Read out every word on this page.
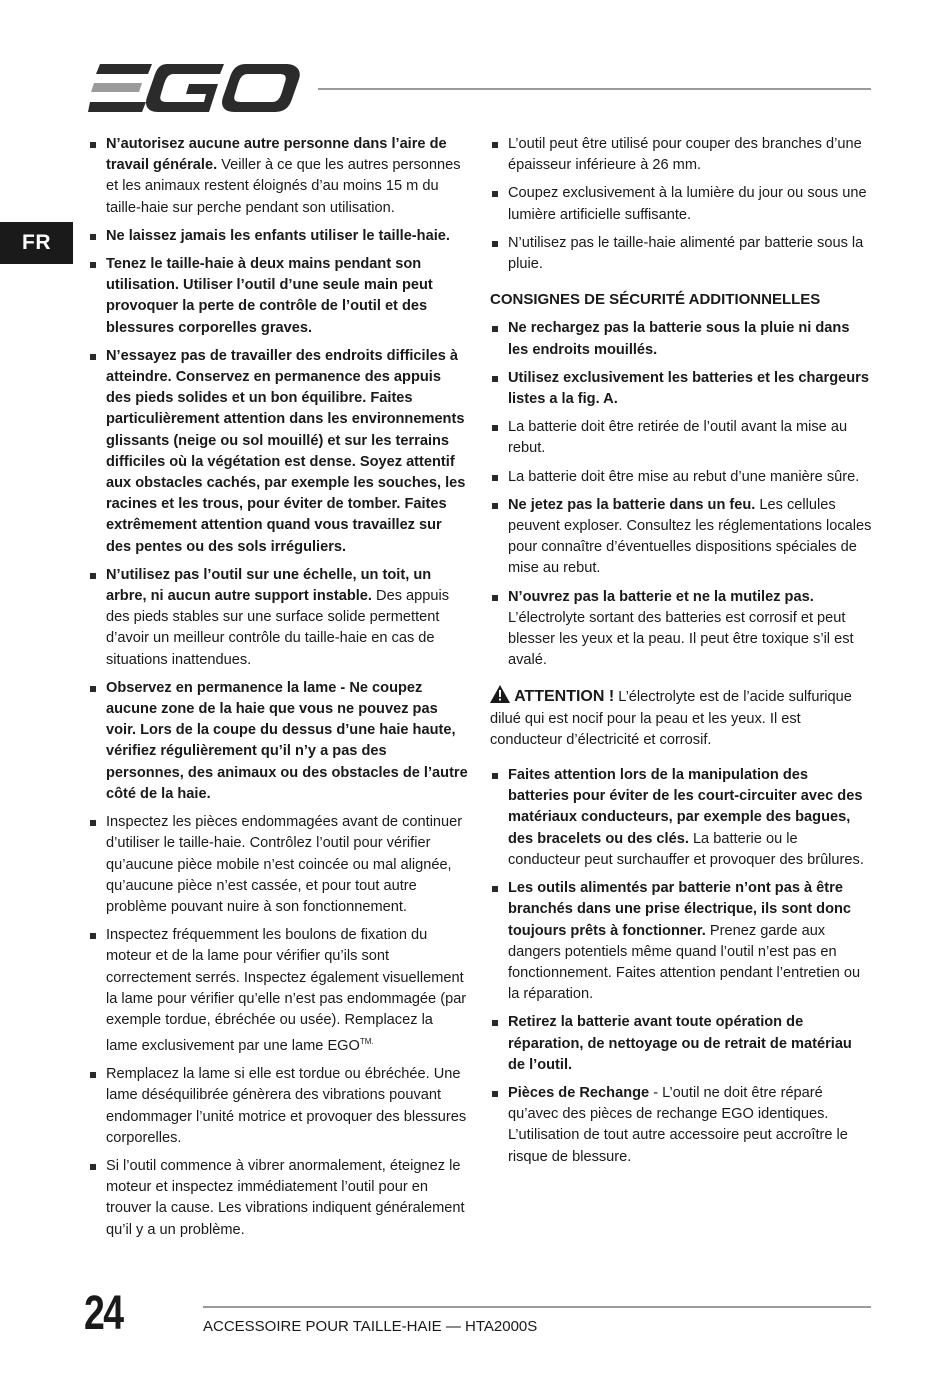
FR
N’autorisez aucune autre personne dans l’aire de travail générale. Veiller à ce que les autres personnes et les animaux restent éloignés d’au moins 15 m du taille-haie sur perche pendant son utilisation.
Ne laissez jamais les enfants utiliser le taille-haie.
Tenez le taille-haie à deux mains pendant son utilisation. Utiliser l’outil d’une seule main peut provoquer la perte de contrôle de l’outil et des blessures corporelles graves.
N’essayez pas de travailler des endroits difficiles à atteindre. Conservez en permanence des appuis des pieds solides et un bon équilibre. Faites particulièrement attention dans les environnements glissants (neige ou sol mouillé) et sur les terrains difficiles où la végétation est dense. Soyez attentif aux obstacles cachés, par exemple les souches, les racines et les trous, pour éviter de tomber. Faites extrêmement attention quand vous travaillez sur des pentes ou des sols irréguliers.
N’utilisez pas l’outil sur une échelle, un toit, un arbre, ni aucun autre support instable. Des appuis des pieds stables sur une surface solide permettent d’avoir un meilleur contrôle du taille-haie en cas de situations inattendues.
Observez en permanence la lame - Ne coupez aucune zone de la haie que vous ne pouvez pas voir. Lors de la coupe du dessus d’une haie haute, vérifiez régulièrement qu’il n’y a pas des personnes, des animaux ou des obstacles de l’autre côté de la haie.
Inspectez les pièces endommagées avant de continuer d’utiliser le taille-haie. Contrôlez l’outil pour vérifier qu’aucune pièce mobile n’est coincée ou mal alignée, qu’aucune pièce n’est cassée, et pour tout autre problème pouvant nuire à son fonctionnement.
Inspectez fréquemment les boulons de fixation du moteur et de la lame pour vérifier qu’ils sont correctement serrés. Inspectez également visuellement la lame pour vérifier qu’elle n’est pas endommagée (par exemple tordue, ébréchée ou usée). Remplacez la lame exclusivement par une lame $EGO^{TM.}$
Remplacez la lame si elle est tordue ou ébréchée. Une lame déséquilibrée génèrera des vibrations pouvant endommager l’unité motrice et provoquer des blessures corporelles.
Si l’outil commence à vibrer anormalement, éteignez le moteur et inspectez immédiatement l’outil pour en trouver la cause. Les vibrations indiquent généralement qu’il y a un problème.
L’outil peut être utilisé pour couper des branches d’une épaisseur inférieure à 26 mm.
Coupez exclusivement à la lumière du jour ou sous une lumière artificielle suffisante.
N’utilisez pas le taille-haie alimenté par batterie sous la pluie.
CONSIGNES DE SÉCURITÉ ADDITIONNELLES
Ne rechargez pas la batterie sous la pluie ni dans les endroits mouillés.
Utilisez exclusivement les batteries et les chargeurs listes a la fig. A.
La batterie doit être retirée de l’outil avant la mise au rebut.
La batterie doit être mise au rebut d’une manière sûre.
Ne jetez pas la batterie dans un feu. Les cellules peuvent exploser. Consultez les réglementations locales pour connaître d’éventuelles dispositions spéciales de mise au rebut.
N’ouvrez pas la batterie et ne la mutilez pas. L’électrolyte sortant des batteries est corrosif et peut blesser les yeux et la peau. Il peut être toxique s’il est avalé.
ATTENTION ! L’électrolyte est de l’acide sulfurique dilué qui est nocif pour la peau et les yeux. Il est conducteur d’électricité et corrosif.
Faites attention lors de la manipulation des batteries pour éviter de les court-circuiter avec des matériaux conducteurs, par exemple des bagues, des bracelets ou des clés. La batterie ou le conducteur peut surchauffer et provoquer des brûlures.
Les outils alimentés par batterie n’ont pas à être branchés dans une prise électrique, ils sont donc toujours prêts à fonctionner. Prenez garde aux dangers potentiels même quand l’outil n’est pas en fonctionnement. Faites attention pendant l’entretien ou la réparation.
Retirez la batterie avant toute opération de réparation, de nettoyage ou de retrait de matériau de l’outil.
Pièces de Rechange - L’outil ne doit être réparé qu’avec des pièces de rechange EGO identiques. L’utilisation de tout autre accessoire peut accroître le risque de blessure.
24	ACCESSOIRE POUR TAILLE-HAIE — HTA2000S
